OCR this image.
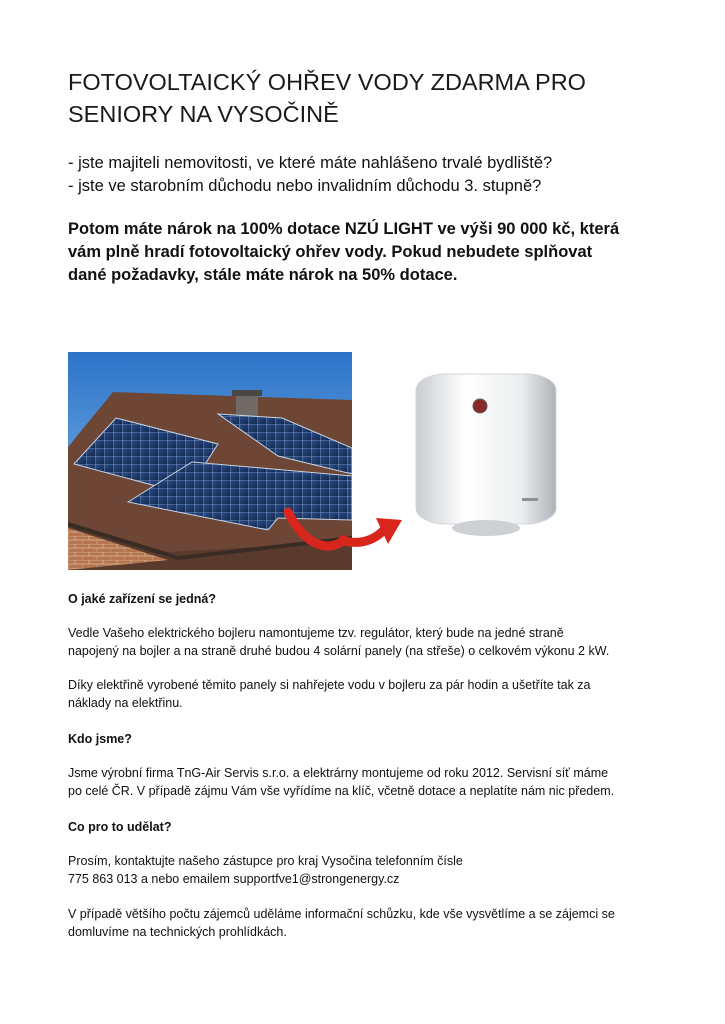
FOTOVOLTAICKÝ OHŘEV VODY ZDARMA PRO
SENIORY NA VYSOČINĚ
- jste majiteli nemovitosti, ve které máte nahlášeno trvalé bydliště?
- jste ve starobním důchodu nebo invalidním důchodu 3. stupně?
Potom máte nárok na 100% dotace NZÚ LIGHT ve výši 90 000 kč, která
vám plně hradí fotovoltaický ohřev vody. Pokud nebudete splňovat
dané požadavky, stále máte nárok na 50% dotace.
O jaké zařízení se jedná?
Vedle Vašeho elektrického bojleru namontujeme tzv. regulátor, který bude na jedné straně
napojený na bojler a na straně druhé budou 4 solární panely (na střeše) o celkovém výkonu 2 kW.
Díky elektřině vyrobené těmito panely si nahřejete vodu v bojleru za pár hodin a ušetříte tak za
náklady na elektřinu.
Kdo jsme?
Jsme výrobní firma TnG-Air Servis s.r.o. a elektrárny montujeme od roku 2012. Servisní síť máme
po celé ČR. V případě zájmu Vám vše vyřídíme na klíč, včetně dotace a neplatíte nám nic předem.
Co pro to udělat?
Prosím, kontaktujte našeho zástupce pro kraj Vysočina telefonním čísle
775 863 013 a nebo emailem supportfve1@strongenergy.cz
V případě většího počtu zájemců uděláme informační schůzku, kde vše vysvětlíme a se zájemci se
domluvíme na technických prohlídkách.
